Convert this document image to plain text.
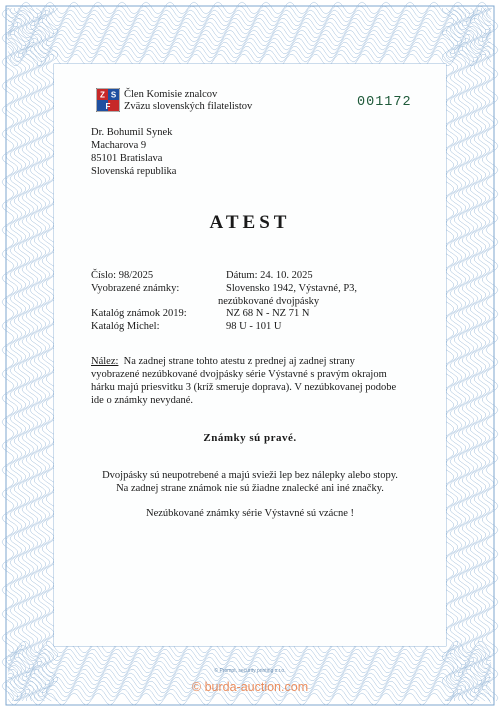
Z S
F
Člen Komisie znalcov
Zväzu slovenských filatelistov	001172
Dr. Bohumil Synek
Macharova 9
85101 Bratislava
Slovenská republika
ATEST
Číslo: 98/2025	Dátum: 24. 10. 2025
Vyobrazené známky:	Slovensko 1942, Výstavné, P3,
nezúbkované dvojpásky
Katalóg známok 2019:	NZ 68 N - NZ 71 N
Katalóg Michel:	98 U - 101 U
Nález: Na zadnej strane tohto atestu z prednej aj zadnej strany
vyobrazené nezúbkované dvojpásky série Výstavné s pravým okrajom
hárku majú priesvitku 3 (kríž smeruje doprava). V nezúbkovanej podobe
ide o známky nevydané.
Známky sú pravé.
Dvojpásky sú neupotrebené a majú svieži lep bez nálepky alebo stopy.
Na zadnej strane známok nie sú žiadne znalecké ani iné značky.
Nezúbkované známky série Výstavné sú vzácne !
© Prompt, security printing s.r.o.
© burda-auction.com
